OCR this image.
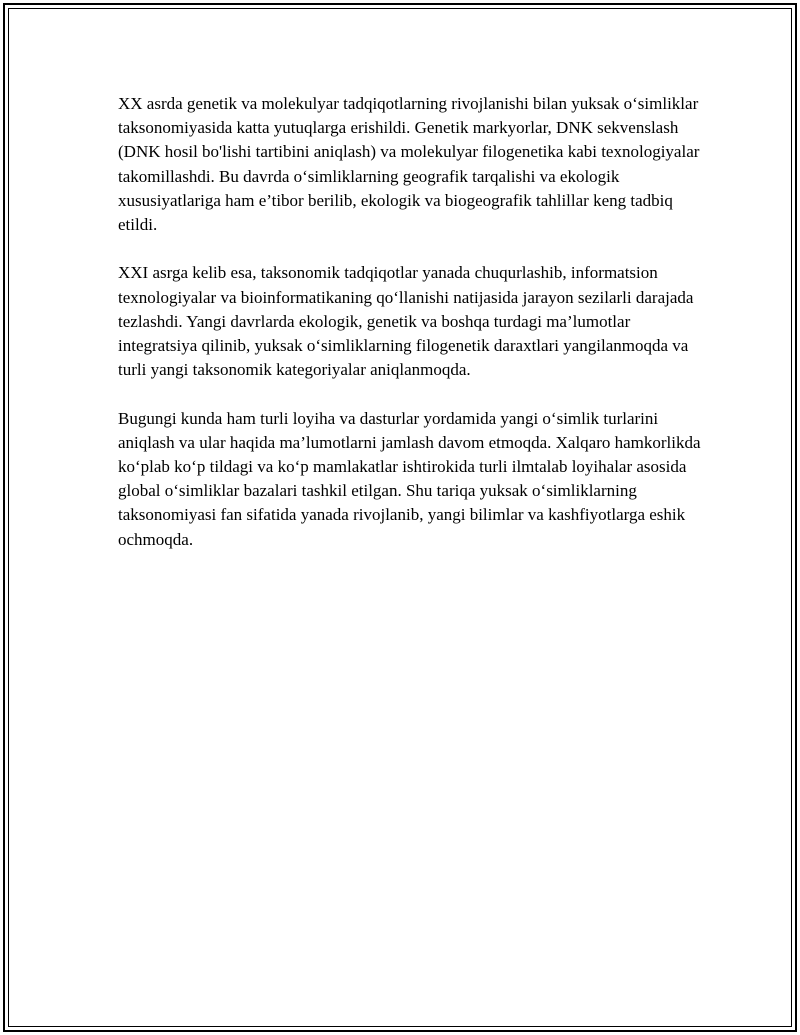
XX asrda genetik va molekulyar tadqiqotlarning rivojlanishi bilan yuksak o‘simliklar taksonomiyasida katta yutuqlarga erishildi. Genetik markyorlar, DNK sekvenslash (DNK hosil bo'lishi tartibini aniqlash) va molekulyar filogenetika kabi texnologiyalar takomillashdi. Bu davrda o‘simliklarning geografik tarqalishi va ekologik xususiyatlariga ham e’tibor berilib, ekologik va biogeografik tahlillar keng tadbiq etildi.

XXI asrga kelib esa, taksonomik tadqiqotlar yanada chuqurlashib, informatsion texnologiyalar va bioinformatikaning qo‘llanishi natijasida jarayon sezilarli darajada tezlashdi. Yangi davrlarda ekologik, genetik va boshqa turdagi ma’lumotlar integratsiya qilinib, yuksak o‘simliklarning filogenetik daraxtlari yangilanmoqda va turli yangi taksonomik kategoriyalar aniqlanmoqda.

Bugungi kunda ham turli loyiha va dasturlar yordamida yangi o‘simlik turlarini aniqlash va ular haqida ma’lumotlarni jamlash davom etmoqda. Xalqaro hamkorlikda ko‘plab ko‘p tildagi va ko‘p mamlakatlar ishtirokida turli ilmtalab loyihalar asosida global o‘simliklar bazalari tashkil etilgan. Shu tariqa yuksak o‘simliklarning taksonomiyasi fan sifatida yanada rivojlanib, yangi bilimlar va kashfiyotlarga eshik ochmoqda.
